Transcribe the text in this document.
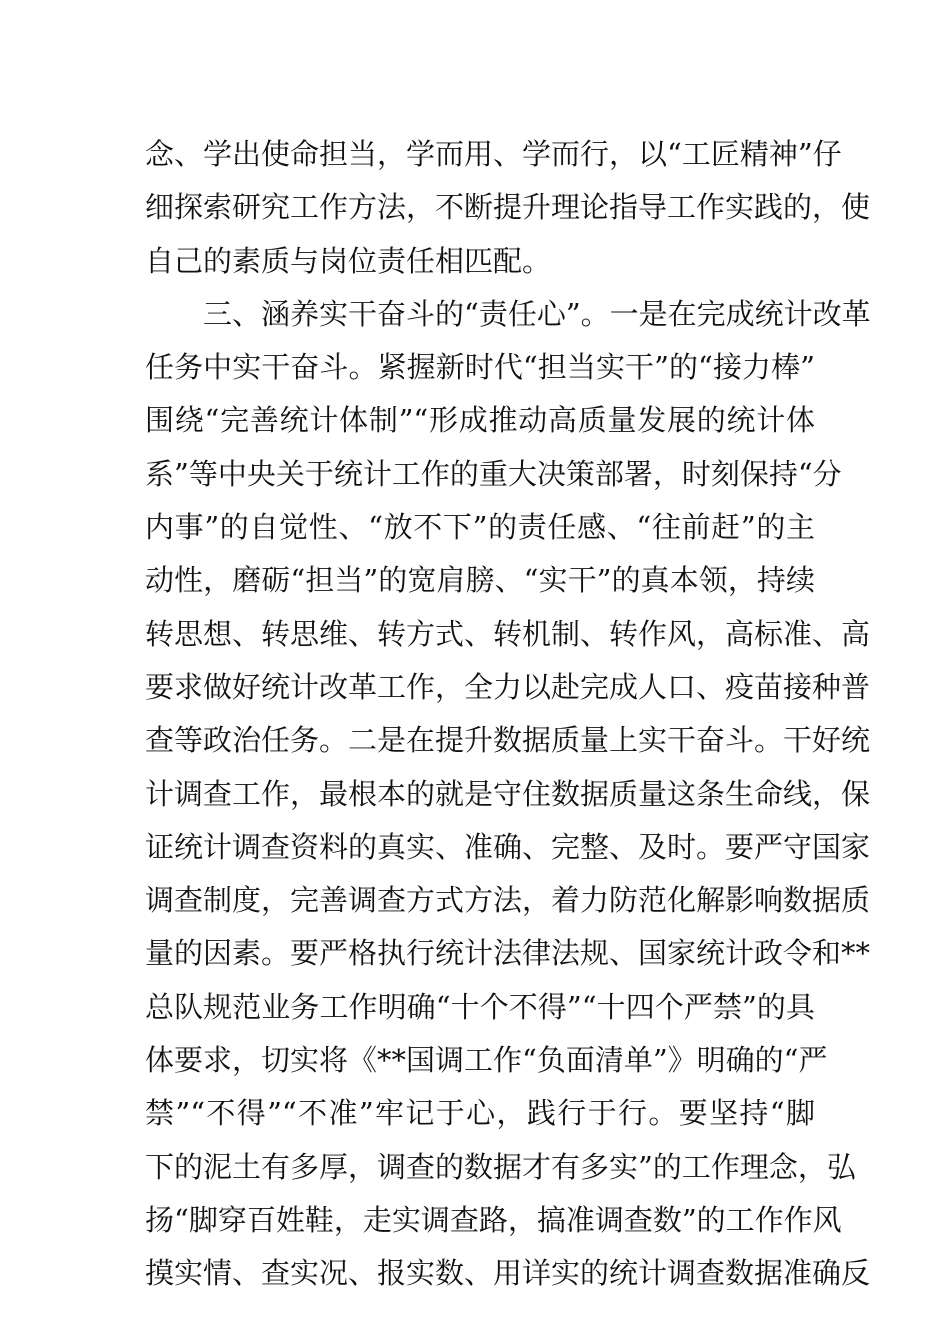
念、学出使命担当，学而用、学而行，以“工匠精神”仔
细探索研究工作方法，不断提升理论指导工作实践的，使
自己的素质与岗位责任相匹配。
三、涵养实干奋斗的“责任心”。一是在完成统计改革
任务中实干奋斗。紧握新时代“担当实干”的“接力棒”
围绕“完善统计体制”“形成推动高质量发展的统计体
系”等中央关于统计工作的重大决策部署，时刻保持“分
内事”的自觉性、“放不下”的责任感、“往前赶”的主
动性，磨砺“担当”的宽肩膀、“实干”的真本领，持续
转思想、转思维、转方式、转机制、转作风，高标准、高
要求做好统计改革工作，全力以赴完成人口、疫苗接种普
查等政治任务。二是在提升数据质量上实干奋斗。干好统
计调查工作，最根本的就是守住数据质量这条生命线，保
证统计调查资料的真实、准确、完整、及时。要严守国家
调查制度，完善调查方式方法，着力防范化解影响数据质
量的因素。要严格执行统计法律法规、国家统计政令和**
总队规范业务工作明确“十个不得”“十四个严禁”的具
体要求，切实将《**国调工作“负面清单”》明确的“严
禁”“不得”“不准”牢记于心，践行于行。要坚持“脚
下的泥土有多厚，调查的数据才有多实”的工作理念，弘
扬“脚穿百姓鞋，走实调查路，搞准调查数”的工作作风
摸实情、查实况、报实数、用详实的统计调查数据准确反
